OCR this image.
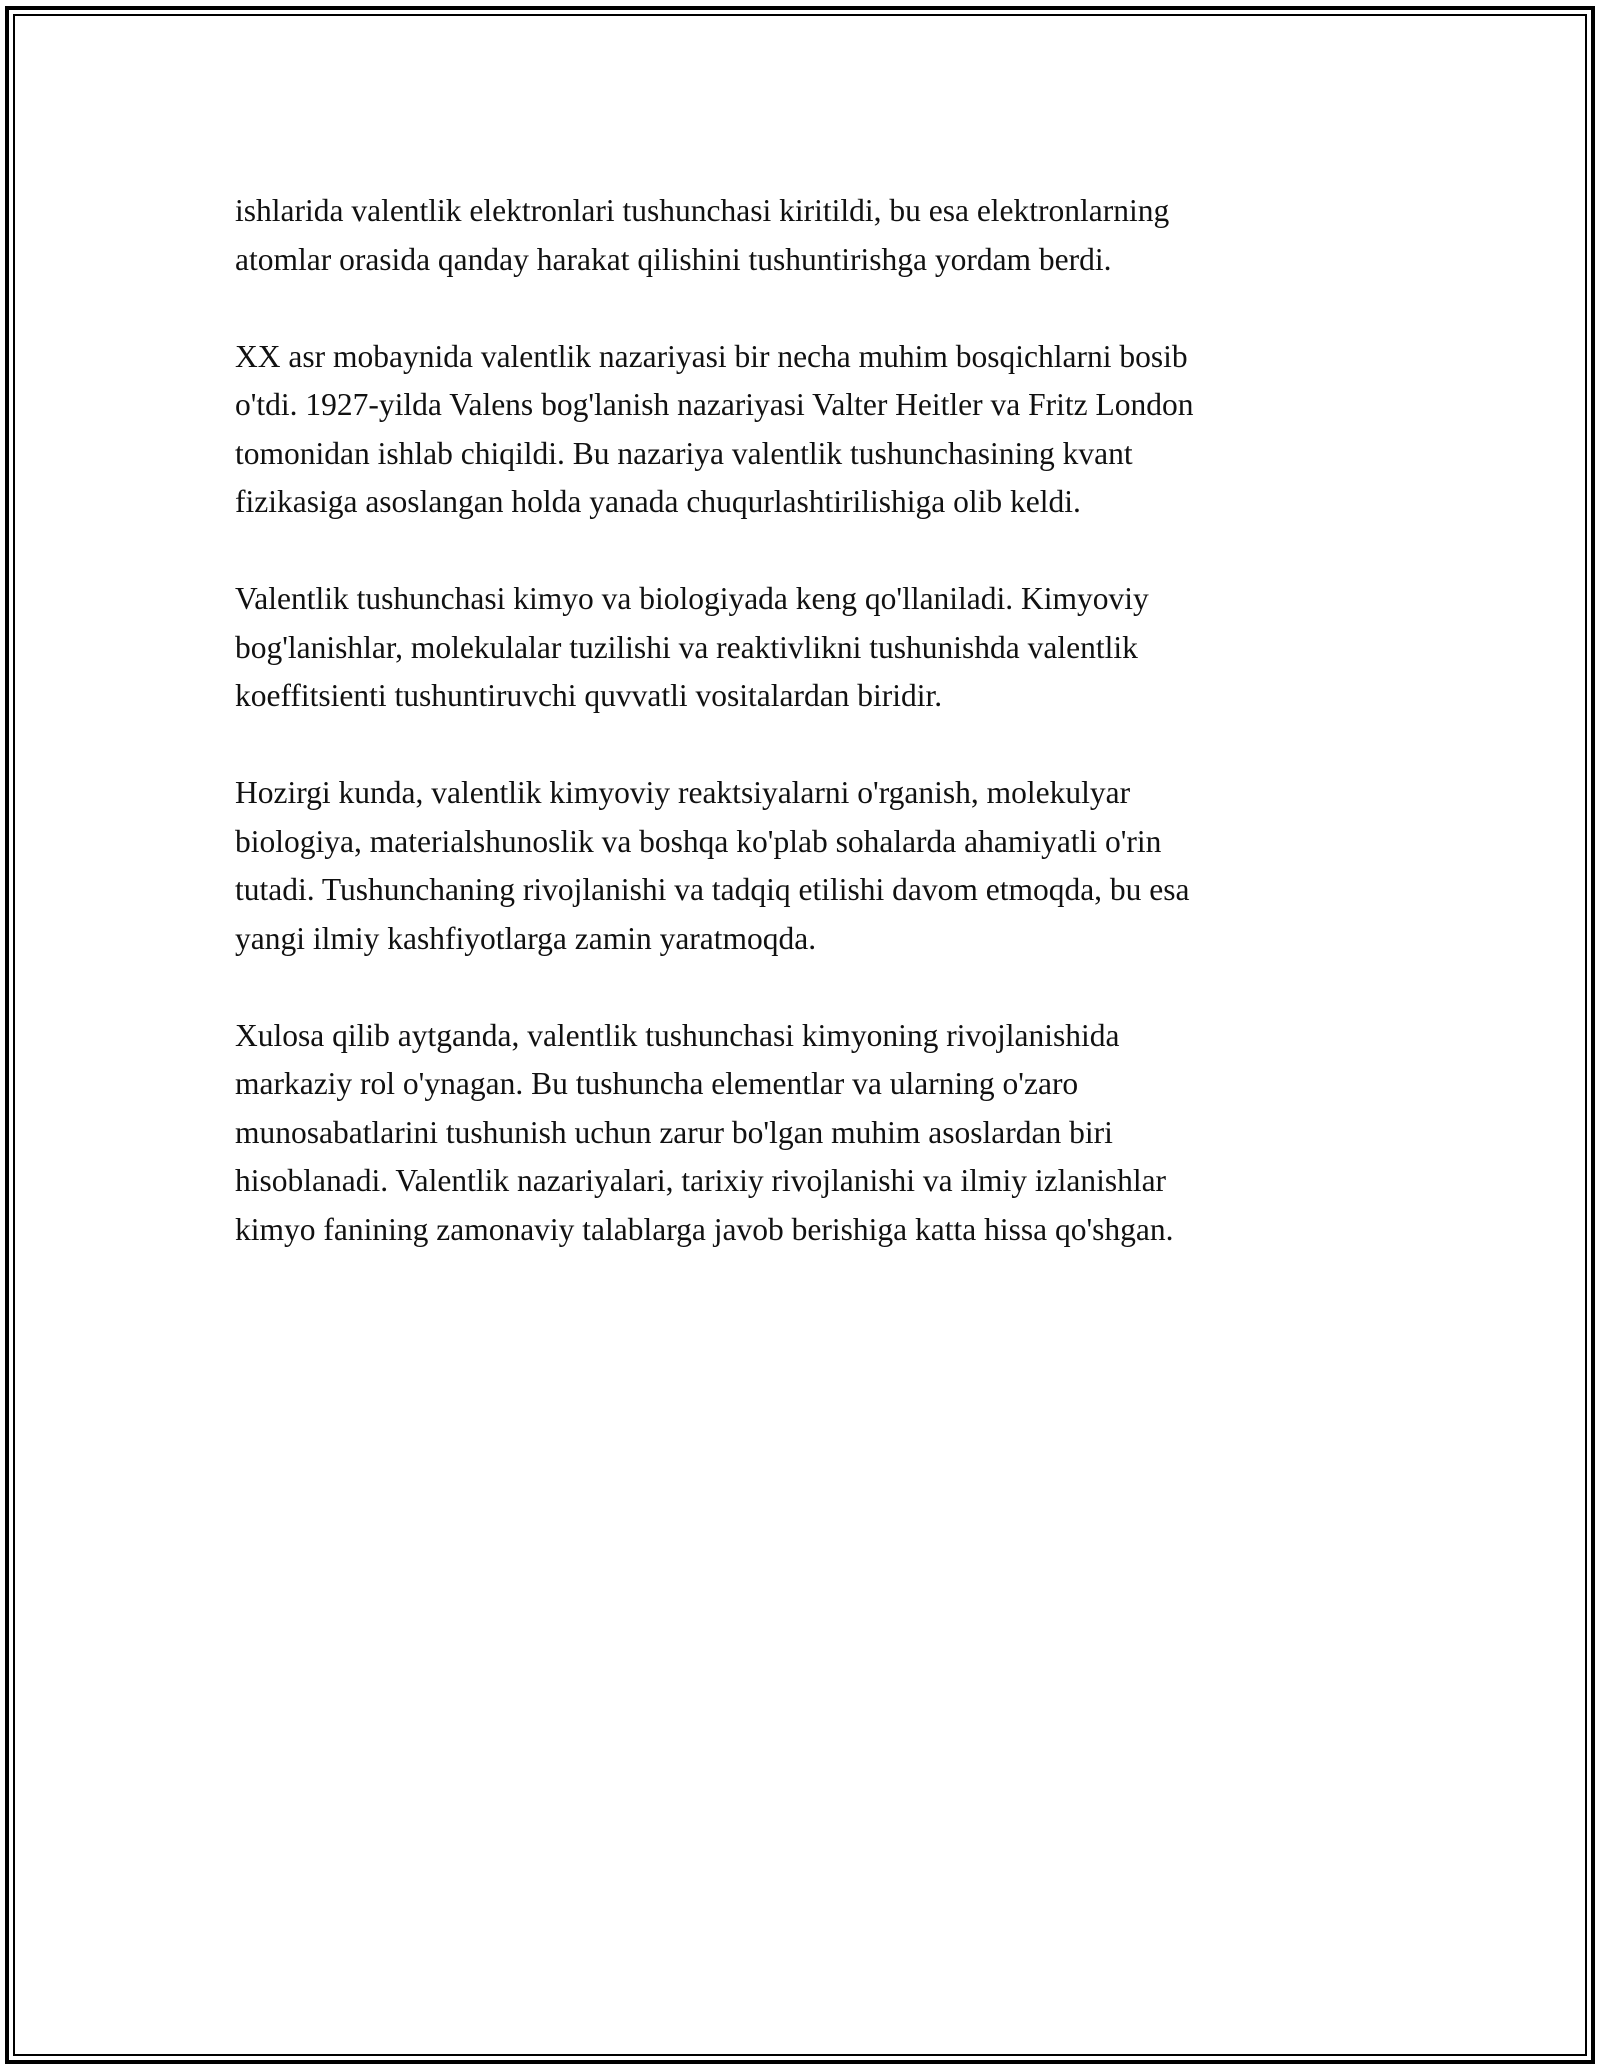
ishlarida valentlik elektronlari tushunchasi kiritildi, bu esa elektronlarning
atomlar orasida qanday harakat qilishini tushuntirishga yordam berdi.

XX asr mobaynida valentlik nazariyasi bir necha muhim bosqichlarni bosib
o'tdi. 1927-yilda Valens bog'lanish nazariyasi Valter Heitler va Fritz London
tomonidan ishlab chiqildi. Bu nazariya valentlik tushunchasining kvant
fizikasiga asoslangan holda yanada chuqurlashtirilishiga olib keldi.

Valentlik tushunchasi kimyo va biologiyada keng qo'llaniladi. Kimyoviy
bog'lanishlar, molekulalar tuzilishi va reaktivlikni tushunishda valentlik
koeffitsienti tushuntiruvchi quvvatli vositalardan biridir.

Hozirgi kunda, valentlik kimyoviy reaktsiyalarni o'rganish, molekulyar
biologiya, materialshunoslik va boshqa ko'plab sohalarda ahamiyatli o'rin
tutadi. Tushunchaning rivojlanishi va tadqiq etilishi davom etmoqda, bu esa
yangi ilmiy kashfiyotlarga zamin yaratmoqda.

Xulosa qilib aytganda, valentlik tushunchasi kimyoning rivojlanishida
markaziy rol o'ynagan. Bu tushuncha elementlar va ularning o'zaro
munosabatlarini tushunish uchun zarur bo'lgan muhim asoslardan biri
hisoblanadi. Valentlik nazariyalari, tarixiy rivojlanishi va ilmiy izlanishlar
kimyo fanining zamonaviy talablarga javob berishiga katta hissa qo'shgan.
